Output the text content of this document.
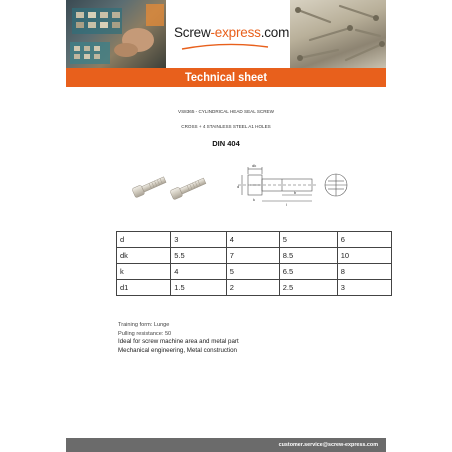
Screw-express.com
Technical sheet
VS8365 - CYLINDRICAL HEAD SEAL SCREW
CROSS + 4 STAINLESS STEEL A1 HOLES
DIN 404
dk
d
k
b
l
d	3	4	5	6
dk	5.5	7	8.5	10
k	4	5	6.5	8
d1	1.5	2	2.5	3
Training form: Lunge
Pulling resistance: 50
Ideal for screw machine area and metal part
Mechanical engineering, Metal construction
customer.service@screw-express.com
